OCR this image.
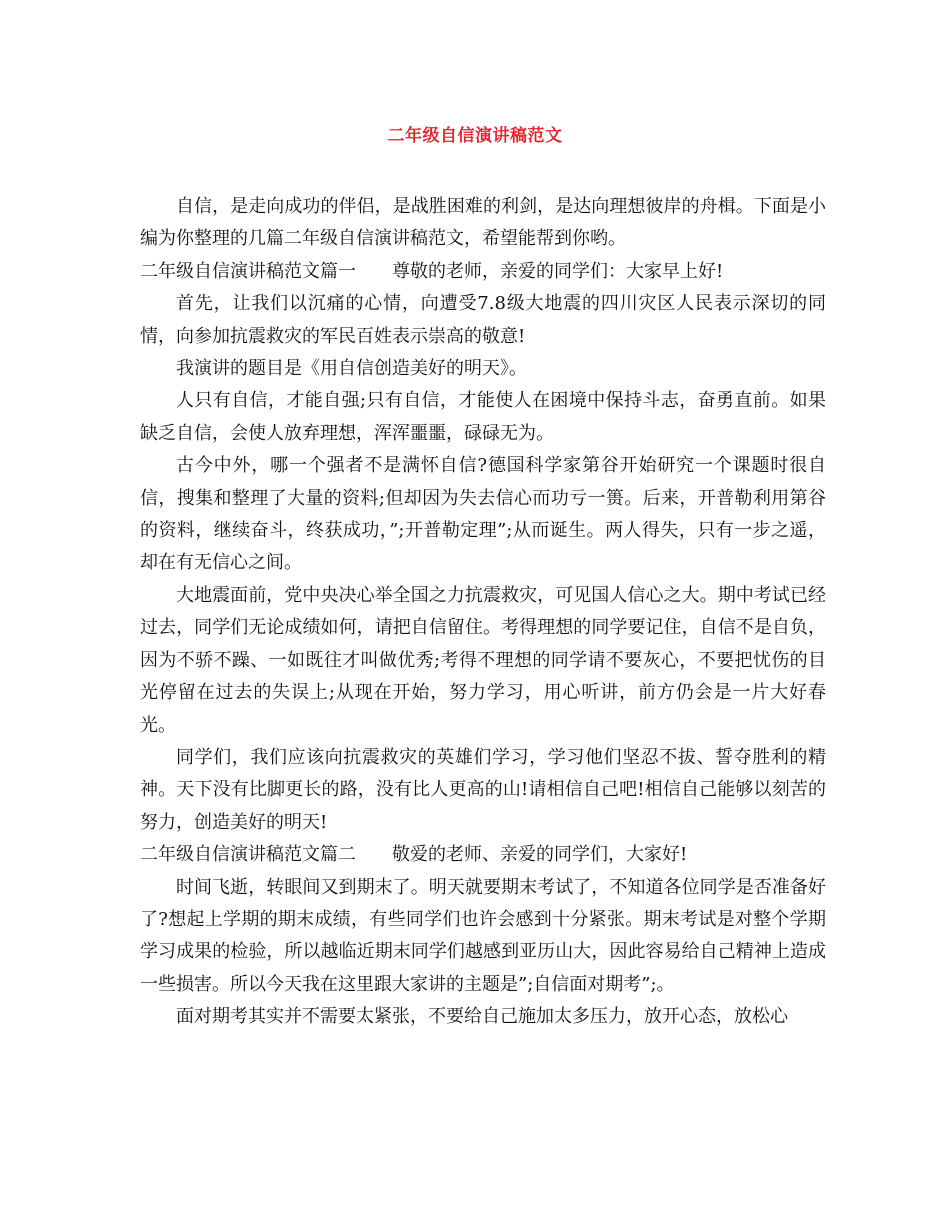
二年级自信演讲稿范文

自信，是走向成功的伴侣，是战胜困难的利剑，是达向理想彼岸的舟楫。下面是小编为你整理的几篇二年级自信演讲稿范文，希望能帮到你哟。

二年级自信演讲稿范文篇一 尊敬的老师，亲爱的同学们：大家早上好!

首先，让我们以沉痛的心情，向遭受7.8级大地震的四川灾区人民表示深切的同情，向参加抗震救灾的军民百姓表示崇高的敬意!

我演讲的题目是《用自信创造美好的明天》。

人只有自信，才能自强;只有自信，才能使人在困境中保持斗志，奋勇直前。如果缺乏自信，会使人放弃理想，浑浑噩噩，碌碌无为。

古今中外，哪一个强者不是满怀自信?德国科学家第谷开始研究一个课题时很自信，搜集和整理了大量的资料;但却因为失去信心而功亏一篑。后来，开普勒利用第谷的资料，继续奋斗，终获成功，”;开普勒定理”;从而诞生。两人得失，只有一步之遥，却在有无信心之间。

大地震面前，党中央决心举全国之力抗震救灾，可见国人信心之大。期中考试已经过去，同学们无论成绩如何，请把自信留住。考得理想的同学要记住，自信不是自负，因为不骄不躁、一如既往才叫做优秀;考得不理想的同学请不要灰心，不要把忧伤的目光停留在过去的失误上;从现在开始，努力学习，用心听讲，前方仍会是一片大好春光。

同学们，我们应该向抗震救灾的英雄们学习，学习他们坚忍不拔、誓夺胜利的精神。天下没有比脚更长的路，没有比人更高的山!请相信自己吧!相信自己能够以刻苦的努力，创造美好的明天!

二年级自信演讲稿范文篇二 敬爱的老师、亲爱的同学们，大家好!

时间飞逝，转眼间又到期末了。明天就要期末考试了，不知道各位同学是否准备好了?想起上学期的期末成绩，有些同学们也许会感到十分紧张。期末考试是对整个学期学习成果的检验，所以越临近期末同学们越感到亚历山大，因此容易给自己精神上造成一些损害。所以今天我在这里跟大家讲的主题是”;自信面对期考”;。

面对期考其实并不需要太紧张，不要给自己施加太多压力，放开心态，放松心
